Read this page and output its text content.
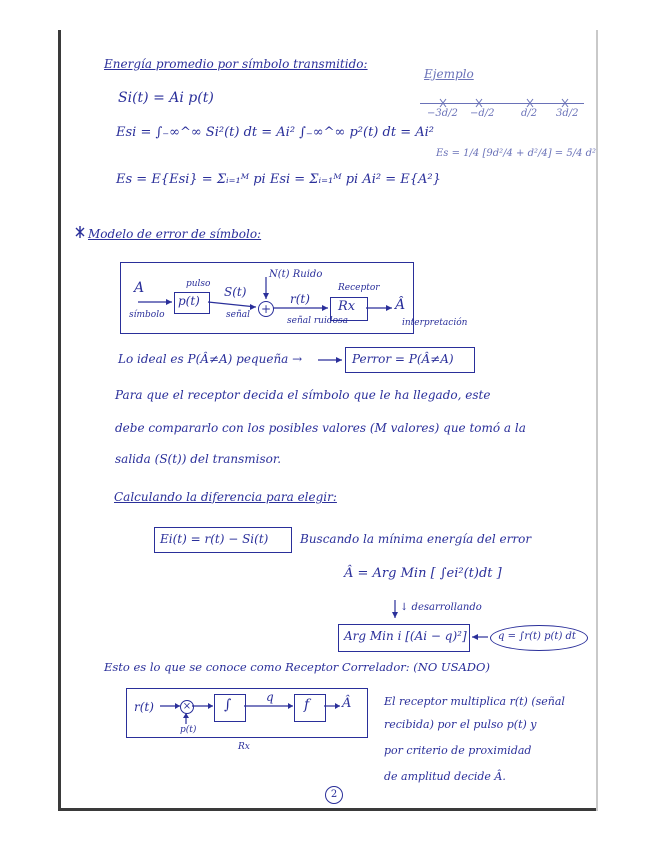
Energía promedio por símbolo transmitido:
Si(t) = Ai p(t)
Esi = ∫₋∞^∞ Si²(t) dt = Ai² ∫₋∞^∞ p²(t) dt = Ai²
Es = E{Esi} = Σᵢ₌₁ᴹ pi Esi = Σᵢ₌₁ᴹ pi Ai² = E{A²}
Ejemplo
−3d/2 −d/2	d/2 3d/2
Es = 1/4 [9d²/4 + d²/4] = 5/4 d²
Modelo de error de símbolo:
A
símbolo
pulso
p(t)
S(t)
señal
N(t) Ruido
+
r(t)
señal ruidosa
Receptor
Rx	Â
interpretación
Lo ideal es P(Â≠A) pequeña →	Perror = P(Â≠A)
Para que el receptor decida el símbolo que le ha llegado, este
debe compararlo con los posibles valores (M valores) que tomó a la
salida (S(t)) del transmisor.
Calculando la diferencia para elegir:
Ei(t) = r(t) − Si(t)	Buscando la mínima energía del error
Â = Arg Min [ ∫ei²(t)dt ]
↓ desarrollando
Arg Min i [(Ai − q)²]	q = ∫r(t) p(t) dt
Esto es lo que se conoce como Receptor Correlador: (NO USADO)
r(t)	×
p(t)
∫	q f	Â
Rx
El receptor multiplica r(t) (señal
recibida) por el pulso p(t) y
por criterio de proximidad
de amplitud decide Â.
2
